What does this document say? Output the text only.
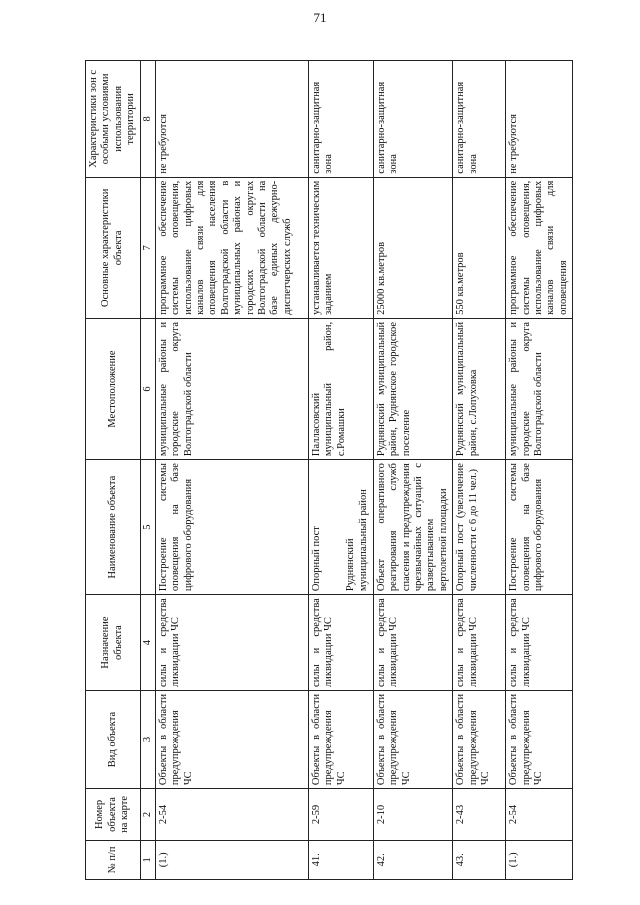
71
№ п/п	Номер объекта на карте	Вид объекта	Назначение объекта	Наименование объекта	Местоположение	Основные характеристики объекта	Характеристики зон с особыми условиями использования территории
1	2	3	4	5	6	7	8
(1.)	2-54	Объекты в области предупреждения ЧС	силы и средства ликвидации ЧС	Построение системы оповещения на базе цифрового оборудования	муниципальные районы и городские округа Волгоградской области	программное обеспечение системы оповещения, использование цифровых каналов связи для оповещения населения Волгоградской области в муниципальных районах и городских округах Волгоградской области на базе единых дежурно-диспетчерских служб	не требуются
41.	2-59	Объекты в области предупреждения ЧС	силы и средства ликвидации ЧС	Опорный пост Руднянский муниципальный район	Палласовский муниципальный район, с.Ромашки	устанавливается техническим заданием	санитарно-защитная зона
42.	2-10	Объекты в области предупреждения ЧС	силы и средства ликвидации ЧС	Объект оперативного реагирования служб спасения и предупреждения чрезвычайных ситуаций с развертыванием вертолетной площадки	Руднянский муниципальный район, Руднянское городское поселение	25000 кв.метров	санитарно-защитная зона
43.	2-43	Объекты в области предупреждения ЧС	силы и средства ликвидации ЧС	Опорный пост (увеличение численности с 6 до 11 чел.)	Руднянский муниципальный район, с.Лопуховка	550 кв.метров	санитарно-защитная зона
(1.)	2-54	Объекты в области предупреждения ЧС	силы и средства ликвидации ЧС	Построение системы оповещения на базе цифрового оборудования	муниципальные районы и городские округа Волгоградской области	программное обеспечение системы оповещения, использование цифровых каналов связи для оповещения	не требуются
